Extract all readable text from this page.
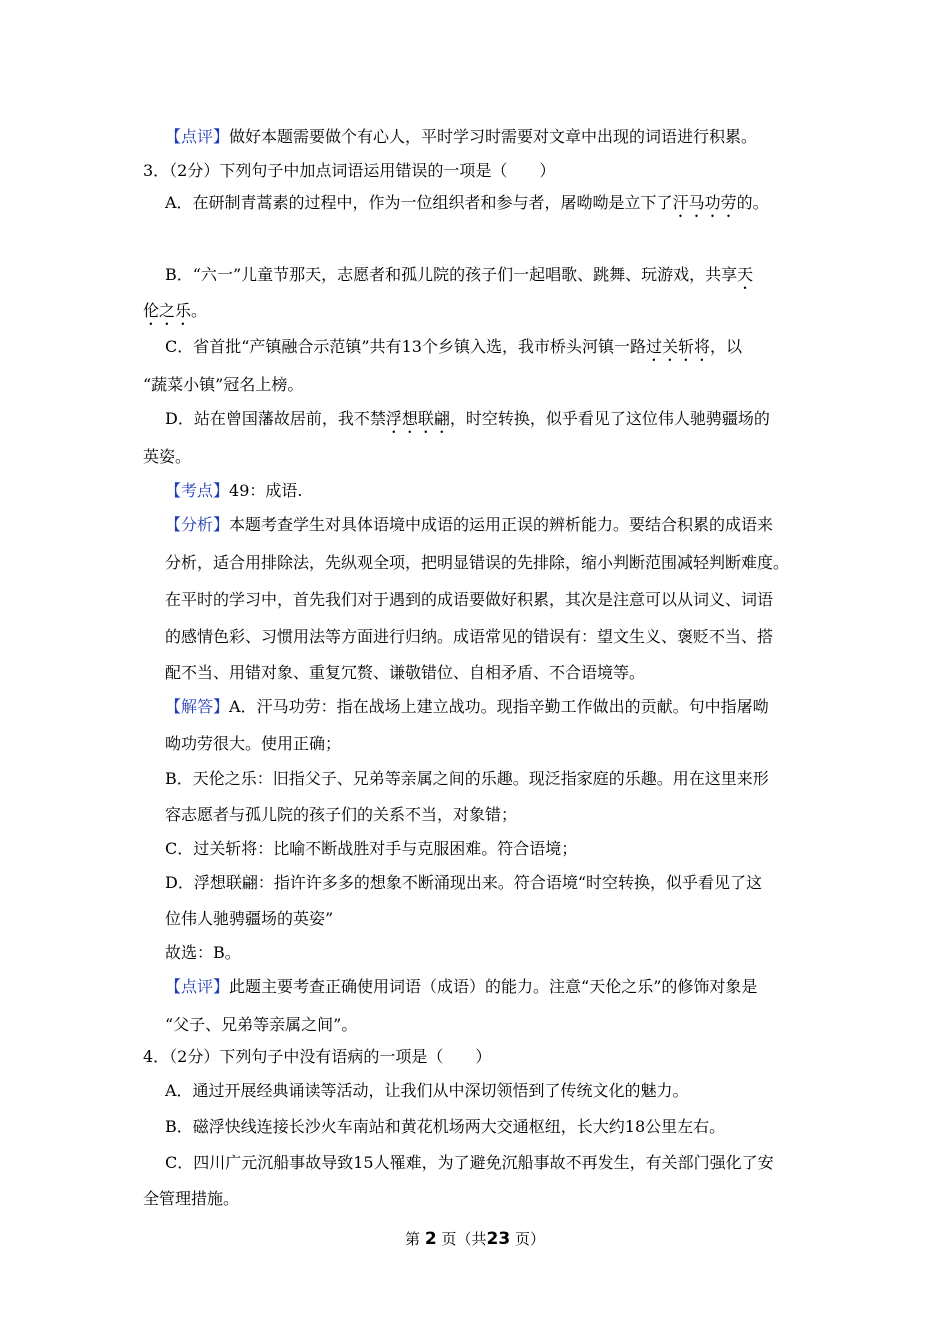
【点评】做好本题需要做个有心人，平时学习时需要对文章中出现的词语进行积累。
3．（2分）下列句子中加点词语运用错误的一项是（　　）
A．在研制青蒿素的过程中，作为一位组织者和参与者，屠呦呦是立下了汗马功劳的。
B．“六一”儿童节那天，志愿者和孤儿院的孩子们一起唱歌、跳舞、玩游戏，共享天
伦之乐。
C．省首批“产镇融合示范镇”共有13个乡镇入选，我市桥头河镇一路过关斩将，以
“蔬菜小镇”冠名上榜。
D．站在曾国藩故居前，我不禁浮想联翩，时空转换，似乎看见了这位伟人驰骋疆场的
英姿。
【考点】49：成语.
【分析】本题考查学生对具体语境中成语的运用正误的辨析能力。要结合积累的成语来
分析，适合用排除法，先纵观全项，把明显错误的先排除，缩小判断范围减轻判断难度。
在平时的学习中，首先我们对于遇到的成语要做好积累，其次是注意可以从词义、词语
的感情色彩、习惯用法等方面进行归纳。成语常见的错误有：望文生义、褒贬不当、搭
配不当、用错对象、重复冗赘、谦敬错位、自相矛盾、不合语境等。
【解答】A．汗马功劳：指在战场上建立战功。现指辛勤工作做出的贡献。句中指屠呦
呦功劳很大。使用正确；
B．天伦之乐：旧指父子、兄弟等亲属之间的乐趣。现泛指家庭的乐趣。用在这里来形
容志愿者与孤儿院的孩子们的关系不当，对象错；
C．过关斩将：比喻不断战胜对手与克服困难。符合语境；
D．浮想联翩：指许许多多的想象不断涌现出来。符合语境“时空转换，似乎看见了这
位伟人驰骋疆场的英姿”
故选：B。
【点评】此题主要考查正确使用词语（成语）的能力。注意“天伦之乐”的修饰对象是
“父子、兄弟等亲属之间”。
4．（2分）下列句子中没有语病的一项是（　　）
A．通过开展经典诵读等活动，让我们从中深切领悟到了传统文化的魅力。
B．磁浮快线连接长沙火车南站和黄花机场两大交通枢纽，长大约18公里左右。
C．四川广元沉船事故导致15人罹难，为了避免沉船事故不再发生，有关部门强化了安
全管理措施。
第 2 页（共23 页）
